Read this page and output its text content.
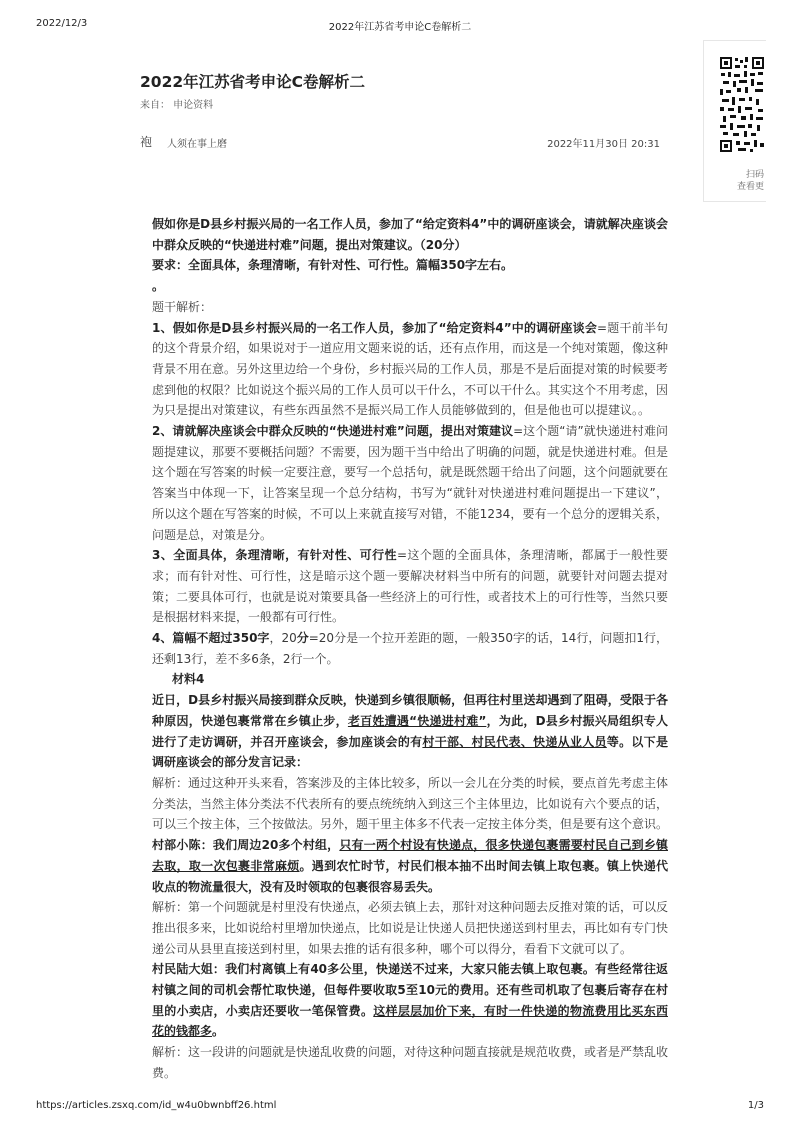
2022/12/3	2022年江苏省考申论C卷解析二
2022年江苏省考申论C卷解析二
来自： 申论资料
袍 人须在事上磨	2022年11月30日 20:31
扫码
查看更

假如你是D县乡村振兴局的一名工作人员，参加了“给定资料4”中的调研座谈会，请就解决座谈会中群众反映的“快递进村难”问题，提出对策建议。（20分）

要求：全面具体，条理清晰，有针对性、可行性。篇幅350字左右。

。

题干解析：

1、假如你是D县乡村振兴局的一名工作人员，参加了“给定资料4”中的调研座谈会=题干前半句的这个背景介绍，如果说对于一道应用文题来说的话，还有点作用，而这是一个纯对策题，像这种背景不用在意。另外这里边给一个身份，乡村振兴局的工作人员，那是不是后面提对策的时候要考虑到他的权限？比如说这个振兴局的工作人员可以干什么，不可以干什么。其实这个不用考虑，因为只是提出对策建议，有些东西虽然不是振兴局工作人员能够做到的，但是他也可以提建议。。

2、请就解决座谈会中群众反映的“快递进村难”问题，提出对策建议=这个题“请”就快递进村难问题提建议，那要不要概括问题？不需要，因为题干当中给出了明确的问题，就是快递进村难。但是这个题在写答案的时候一定要注意，要写一个总括句，就是既然题干给出了问题，这个问题就要在答案当中体现一下，让答案呈现一个总分结构，书写为“就针对快递进村难问题提出一下建议”，所以这个题在写答案的时候，不可以上来就直接写对错，不能1234，要有一个总分的逻辑关系，问题是总，对策是分。

3、全面具体，条理清晰，有针对性、可行性=这个题的全面具体，条理清晰，都属于一般性要求；而有针对性、可行性，这是暗示这个题一要解决材料当中所有的问题，就要针对问题去提对策；二要具体可行，也就是说对策要具备一些经济上的可行性，或者技术上的可行性等，当然只要是根据材料来提，一般都有可行性。

4、篇幅不超过350字，20分=20分是一个拉开差距的题，一般350字的话，14行，问题扣1行，还剩13行，差不多6条，2行一个。

材料4

近日，D县乡村振兴局接到群众反映，快递到乡镇很顺畅，但再往村里送却遇到了阻碍，受限于各种原因，快递包裹常常在乡镇止步，老百姓遭遇“快递进村难”，为此，D县乡村振兴局组织专人进行了走访调研，并召开座谈会，参加座谈会的有村干部、村民代表、快递从业人员等。以下是调研座谈会的部分发言记录：

解析：通过这种开头来看，答案涉及的主体比较多，所以一会儿在分类的时候，要点首先考虑主体分类法，当然主体分类法不代表所有的要点统统纳入到这三个主体里边，比如说有六个要点的话，可以三个按主体，三个按做法。另外，题干里主体多不代表一定按主体分类，但是要有这个意识。

村部小陈：我们周边20多个村组，只有一两个村设有快递点，很多快递包裹需要村民自己到乡镇去取，取一次包裹非常麻烦。遇到农忙时节，村民们根本抽不出时间去镇上取包裹。镇上快递代收点的物流量很大，没有及时领取的包裹很容易丢失。

解析：第一个问题就是村里没有快递点，必须去镇上去，那针对这种问题去反推对策的话，可以反推出很多来，比如说给村里增加快递点，比如说是让快递人员把快递送到村里去，再比如有专门快递公司从县里直接送到村里，如果去推的话有很多种，哪个可以得分，看看下文就可以了。

村民陆大姐：我们村离镇上有40多公里，快递送不过来，大家只能去镇上取包裹。有些经常往返村镇之间的司机会帮忙取快递，但每件要收取5至10元的费用。还有些司机取了包裹后寄存在村里的小卖店，小卖店还要收一笔保管费。这样层层加价下来，有时一件快递的物流费用比买东西花的钱都多。

解析：这一段讲的问题就是快递乱收费的问题，对待这种问题直接就是规范收费，或者是严禁乱收费。

https://articles.zsxq.com/id_w4u0bwnbff26.html	1/3
